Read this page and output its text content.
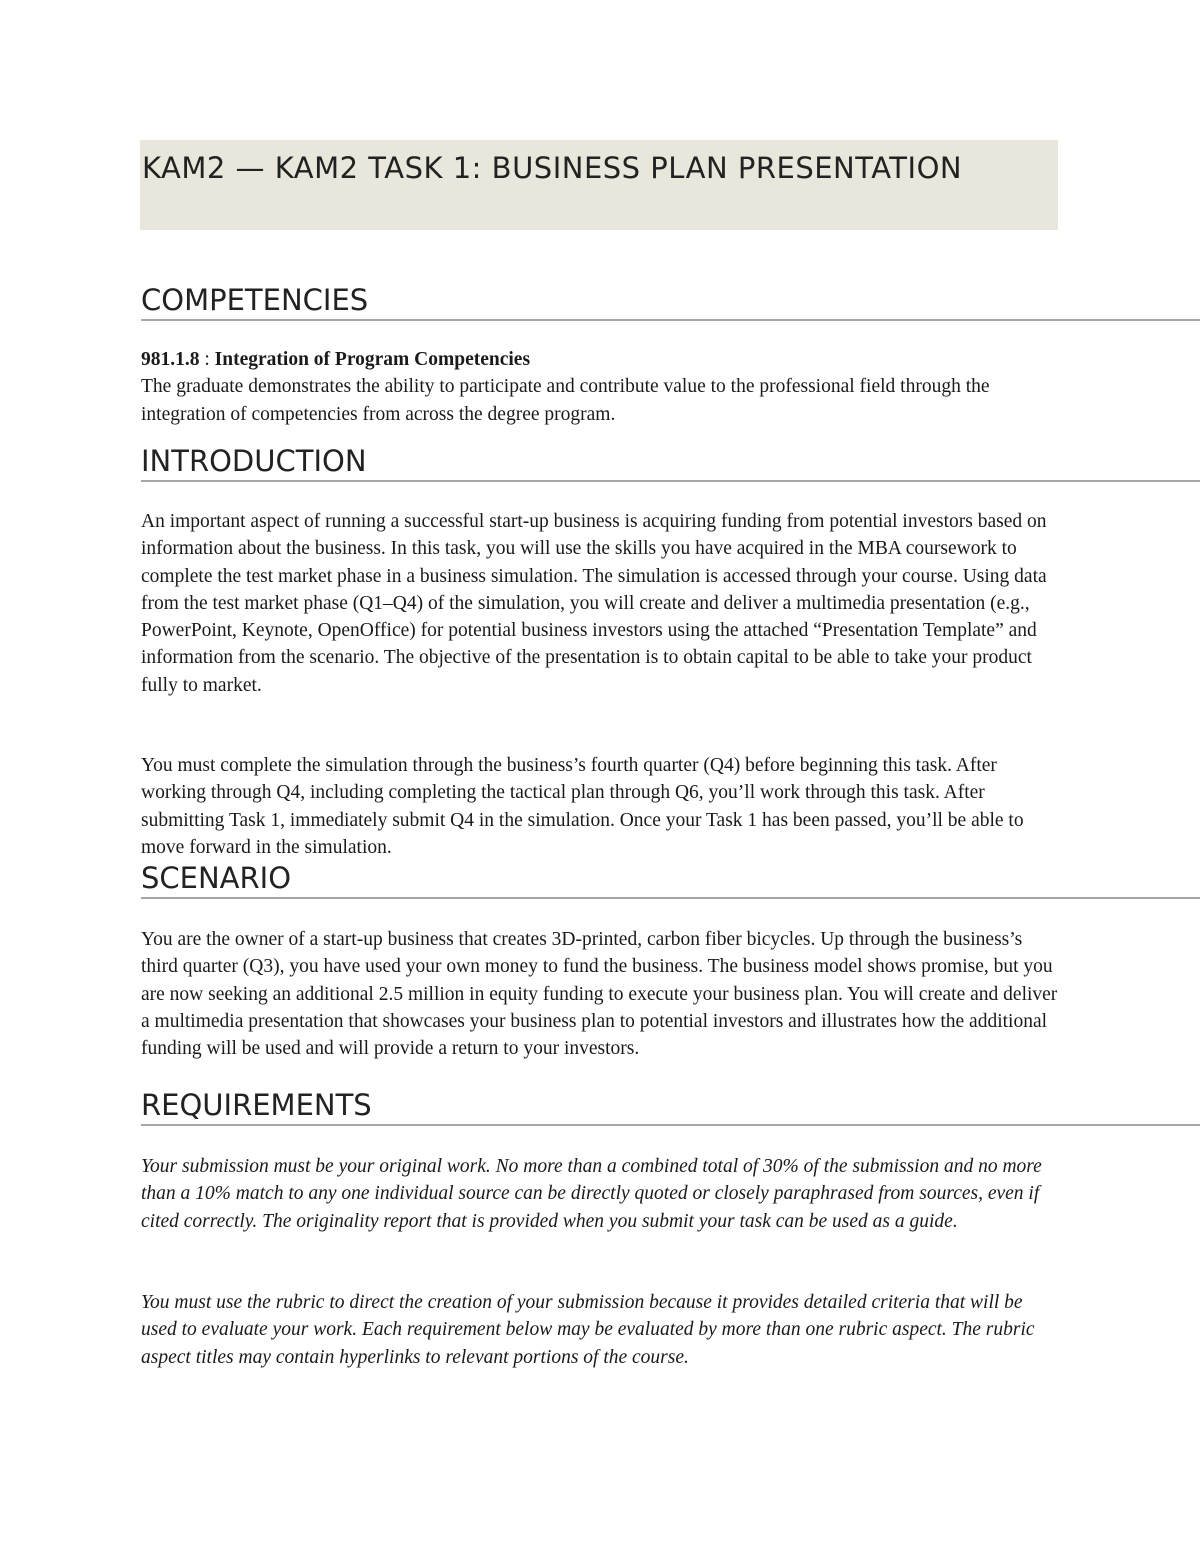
KAM2 — KAM2 TASK 1: BUSINESS PLAN PRESENTATION
COMPETENCIES
981.1.8 : Integration of Program Competencies
The graduate demonstrates the ability to participate and contribute value to the professional field through the integration of competencies from across the degree program.
INTRODUCTION

An important aspect of running a successful start-up business is acquiring funding from potential investors based on information about the business. In this task, you will use the skills you have acquired in the MBA coursework to complete the test market phase in a business simulation. The simulation is accessed through your course. Using data from the test market phase (Q1–Q4) of the simulation, you will create and deliver a multimedia presentation (e.g., PowerPoint, Keynote, OpenOffice) for potential business investors using the attached “Presentation Template” and information from the scenario. The objective of the presentation is to obtain capital to be able to take your product fully to market.

You must complete the simulation through the business’s fourth quarter (Q4) before beginning this task. After working through Q4, including completing the tactical plan through Q6, you’ll work through this task. After submitting Task 1, immediately submit Q4 in the simulation. Once your Task 1 has been passed, you’ll be able to move forward in the simulation.

SCENARIO

You are the owner of a start-up business that creates 3D-printed, carbon fiber bicycles. Up through the business’s third quarter (Q3), you have used your own money to fund the business. The business model shows promise, but you are now seeking an additional 2.5 million in equity funding to execute your business plan. You will create and deliver a multimedia presentation that showcases your business plan to potential investors and illustrates how the additional funding will be used and will provide a return to your investors.

REQUIREMENTS

Your submission must be your original work. No more than a combined total of 30% of the submission and no more than a 10% match to any one individual source can be directly quoted or closely paraphrased from sources, even if cited correctly. The originality report that is provided when you submit your task can be used as a guide.

You must use the rubric to direct the creation of your submission because it provides detailed criteria that will be used to evaluate your work. Each requirement below may be evaluated by more than one rubric aspect. The rubric aspect titles may contain hyperlinks to relevant portions of the course.
